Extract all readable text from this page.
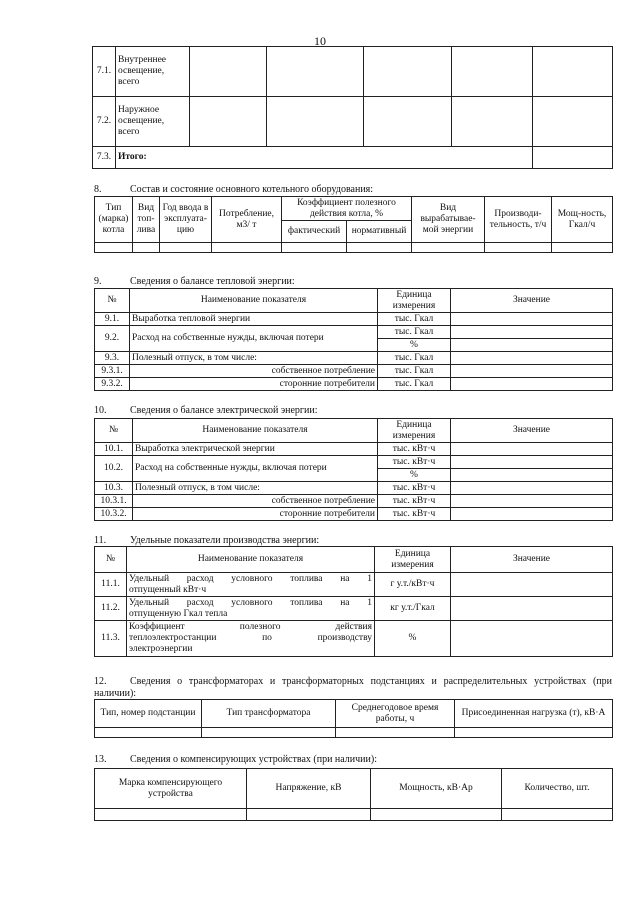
10
7.1.	Внутреннее освещение, всего					
7.2.	Наружное освещение, всего					
7.3.	Итого:					
8.	Состав и состояние основного котельного оборудования:
Тип (марка) котла	Вид топ-лива	Год ввода в эксплуата-цию	Потребление, м3/ т	Коэффициент полезного действия котла, %		Вид вырабатывае-мой энергии	Производи-тельность, т/ч	Мощ-ность, Гкал/ч
				фактический	нормативный			

9.	Сведения о балансе тепловой энергии:
№	Наименование показателя	Единица измерения	Значение
9.1.	Выработка тепловой энергии	тыс. Гкал	
9.2.	Расход на собственные нужды, включая потери	тыс. Гкал	
		%	
9.3.	Полезный отпуск, в том числе:	тыс. Гкал	
9.3.1.	собственное потребление	тыс. Гкал	
9.3.2.	сторонние потребители	тыс. Гкал	
10. Сведения о балансе электрической энергии:
№	Наименование показателя	Единица измерения	Значение
10.1.	Выработка электрической энергии	тыс. кВт·ч	
10.2.	Расход на собственные нужды, включая потери	тыс. кВт·ч	
		%	
10.3.	Полезный отпуск, в том числе:	тыс. кВт·ч	
10.3.1.	собственное потребление	тыс. кВт·ч	
10.3.2.	сторонние потребители	тыс. кВт·ч	
11. Удельные показатели производства энергии:
№	Наименование показателя	Единица измерения	Значение
11.1.	Удельный расход условного топлива на 1
отпущенный кВт·ч	г у.т./кВт·ч	
11.2.	Удельный расход условного топлива на 1
отпущенную Гкал тепла	кг у.т./Гкал	
11.3.	Коэффициент полезного действия
теплоэлектростанции по производству
электроэнергии	%	
12. Сведения о трансформаторах и трансформаторных подстанциях и распределительных устройствах (при наличии):
Тип, номер подстанции	Тип трансформатора	Среднегодовое время работы, ч	Присоединенная нагрузка (т), кВ·А

13. Сведения о компенсирующих устройствах (при наличии):
Марка компенсирующего устройства	Напряжение, кВ	Мощность, кВ·Ар	Количество, шт.
